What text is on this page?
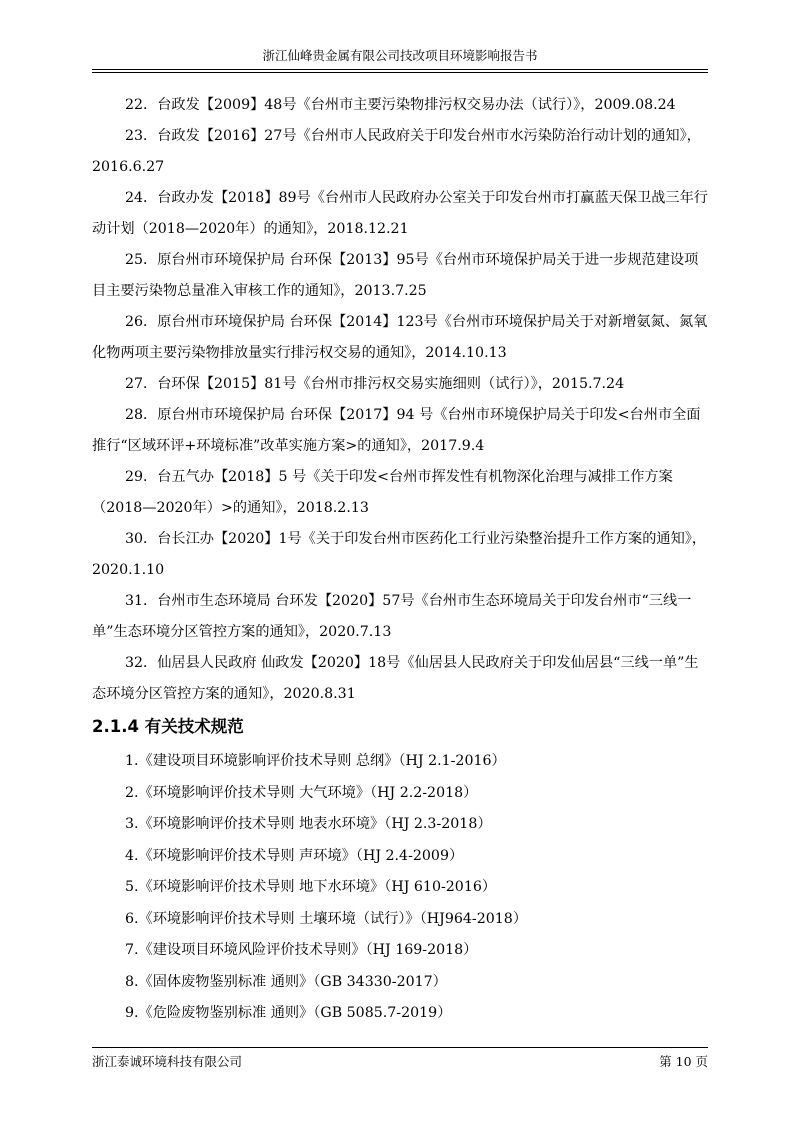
浙江仙峰贵金属有限公司技改项目环境影响报告书

22．台政发【2009】48号《台州市主要污染物排污权交易办法（试行）》，2009.08.24

23．台政发【2016】27号《台州市人民政府关于印发台州市水污染防治行动计划的通知》，2016.6.27

24．台政办发【2018】89号《台州市人民政府办公室关于印发台州市打赢蓝天保卫战三年行动计划（2018—2020年）的通知》，2018.12.21

25．原台州市环境保护局 台环保【2013】95号《台州市环境保护局关于进一步规范建设项目主要污染物总量准入审核工作的通知》，2013.7.25

26．原台州市环境保护局 台环保【2014】123号《台州市环境保护局关于对新增氨氮、氮氧化物两项主要污染物排放量实行排污权交易的通知》，2014.10.13

27．台环保【2015】81号《台州市排污权交易实施细则（试行）》，2015.7.24

28．原台州市环境保护局 台环保【2017】94 号《台州市环境保护局关于印发<台州市全面推行“区域环评+环境标准”改革实施方案>的通知》，2017.9.4

29．台五气办【2018】5 号《关于印发<台州市挥发性有机物深化治理与减排工作方案（2018—2020年）>的通知》，2018.2.13

30．台长江办【2020】1号《关于印发台州市医药化工行业污染整治提升工作方案的通知》，2020.1.10

31．台州市生态环境局 台环发【2020】57号《台州市生态环境局关于印发台州市“三线一单”生态环境分区管控方案的通知》，2020.7.13

32．仙居县人民政府 仙政发【2020】18号《仙居县人民政府关于印发仙居县“三线一单”生态环境分区管控方案的通知》，2020.8.31

2.1.4 有关技术规范

1.《建设项目环境影响评价技术导则 总纲》（HJ 2.1-2016）

2.《环境影响评价技术导则 大气环境》（HJ 2.2-2018）

3.《环境影响评价技术导则 地表水环境》（HJ 2.3-2018）

4.《环境影响评价技术导则 声环境》（HJ 2.4-2009）

5.《环境影响评价技术导则 地下水环境》（HJ 610-2016）

6.《环境影响评价技术导则 土壤环境（试行）》（HJ964-2018）

7.《建设项目环境风险评价技术导则》（HJ 169-2018）

8.《固体废物鉴别标准 通则》（GB 34330-2017）

9.《危险废物鉴别标准 通则》（GB 5085.7-2019）

浙江泰诚环境科技有限公司	第 10 页
